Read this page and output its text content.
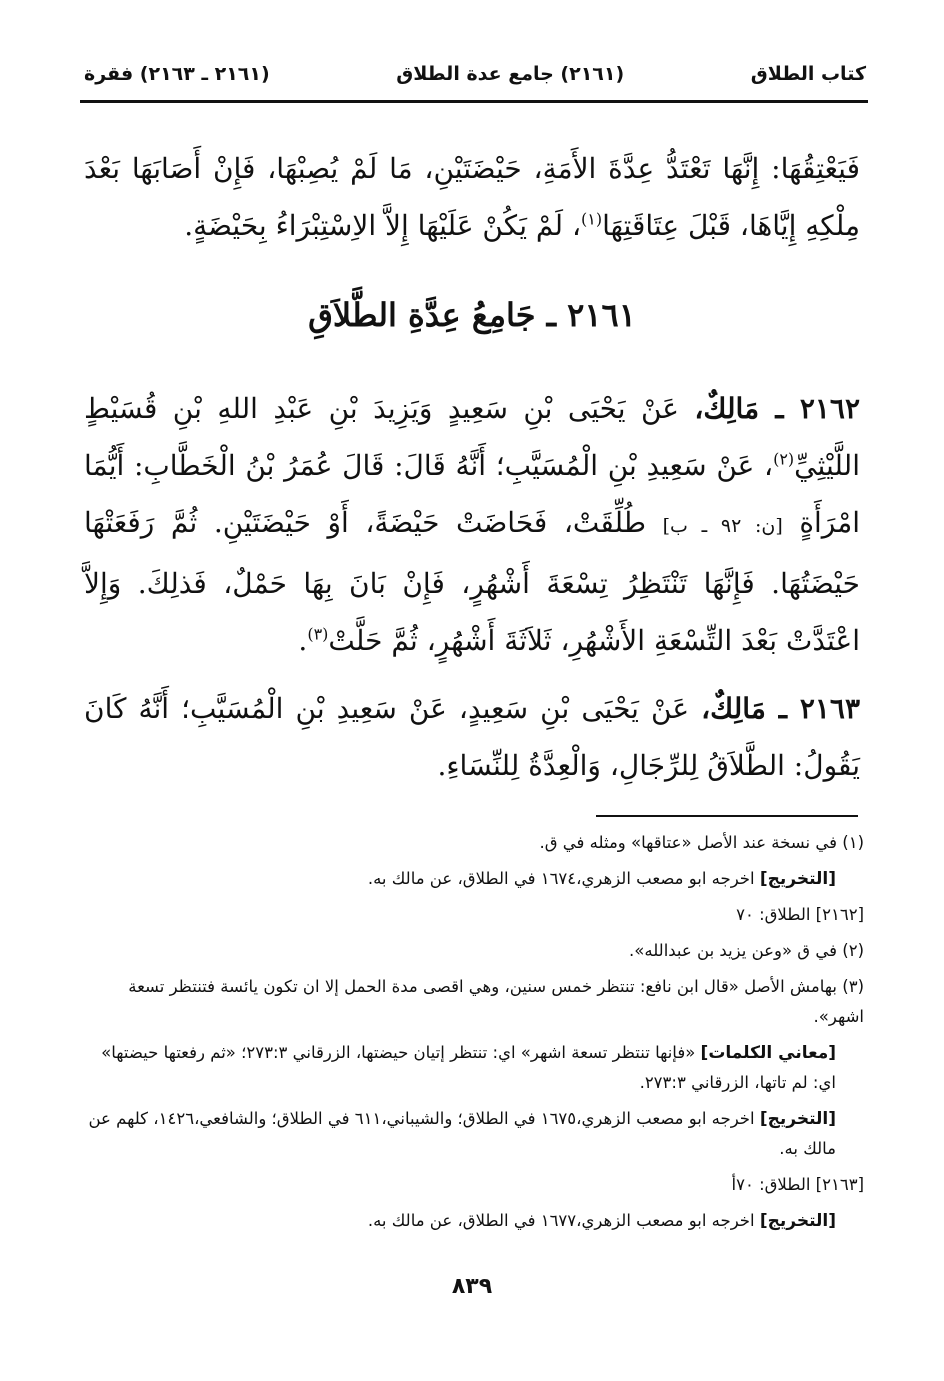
كتاب الطلاق
(٢١٦١) جامع عدة الطلاق
(٢١٦١ ـ ٢١٦٣) فقرة

فَيَعْتِقُهَا: إِنَّهَا تَعْتَدُّ عِدَّةَ الأَمَةِ، حَيْضَتَيْنِ، مَا لَمْ يُصِبْهَا، فَإِنْ أَصَابَهَا بَعْدَ مِلْكِهِ إِيَّاهَا، قَبْلَ عِتَاقَتِهَا$^{(١)}$، لَمْ يَكُنْ عَلَيْهَا إِلاَّ الاِسْتِبْرَاءُ بِحَيْضَةٍ.

٢١٦١ ـ جَامِعُ عِدَّةِ الطَّلاَقِ

٢١٦٢ ـ مَالِكٌ، عَنْ يَحْيَى بْنِ سَعِيدٍ وَيَزِيدَ بْنِ عَبْدِ اللهِ بْنِ قُسَيْطٍ اللَّيْثِيِّ$^{(٢)}$، عَنْ سَعِيدِ بْنِ الْمُسَيَّبِ؛ أَنَّهُ قَالَ: قَالَ عُمَرُ بْنُ الْخَطَّابِ: أَيُّمَا امْرَأَةٍ [ن: ٩٢ ـ ب] طُلِّقَتْ، فَحَاضَتْ حَيْضَةً، أَوْ حَيْضَتَيْنِ. ثُمَّ رَفَعَتْهَا حَيْضَتُهَا. فَإِنَّهَا تَنْتَظِرُ تِسْعَةَ أَشْهُرٍ، فَإِنْ بَانَ بِهَا حَمْلٌ، فَذلِكَ. وَإِلاَّ اعْتَدَّتْ بَعْدَ التِّسْعَةِ الأَشْهُرِ، ثَلاَثَةَ أَشْهُرٍ، ثُمَّ حَلَّتْ$^{(٣)}$.

٢١٦٣ ـ مَالِكٌ، عَنْ يَحْيَى بْنِ سَعِيدٍ، عَنْ سَعِيدِ بْنِ الْمُسَيَّبِ؛ أَنَّهُ كَانَ يَقُولُ: الطَّلاَقُ لِلرِّجَالِ، وَالْعِدَّةُ لِلنِّسَاءِ.

(١) في نسخة عند الأصل «عتاقها» ومثله في ق.

[التخريج] اخرجه ابو مصعب الزهري،١٦٧٤ في الطلاق، عن مالك به.

[٢١٦٢] الطلاق: ٧٠

(٢) في ق «وعن يزيد بن عبدالله».

(٣) بهامش الأصل «قال ابن نافع: تنتظر خمس سنين، وهي اقصى مدة الحمل إلا ان تكون يائسة فتنتظر تسعة اشهر».

[معاني الكلمات] «فإنها تنتظر تسعة اشهر» اي: تنتظر إتيان حيضتها، الزرقاني ٢٧٣:٣؛ «ثم رفعتها حيضتها» اي: لم تاتها، الزرقاني ٢٧٣:٣.

[التخريج] اخرجه ابو مصعب الزهري،١٦٧٥ في الطلاق؛ والشيباني،٦١١ في الطلاق؛ والشافعي،١٤٢٦، كلهم عن مالك به.

[٢١٦٣] الطلاق: ٧٠أ

[التخريج] اخرجه ابو مصعب الزهري،١٦٧٧ في الطلاق، عن مالك به.

٨٣٩
